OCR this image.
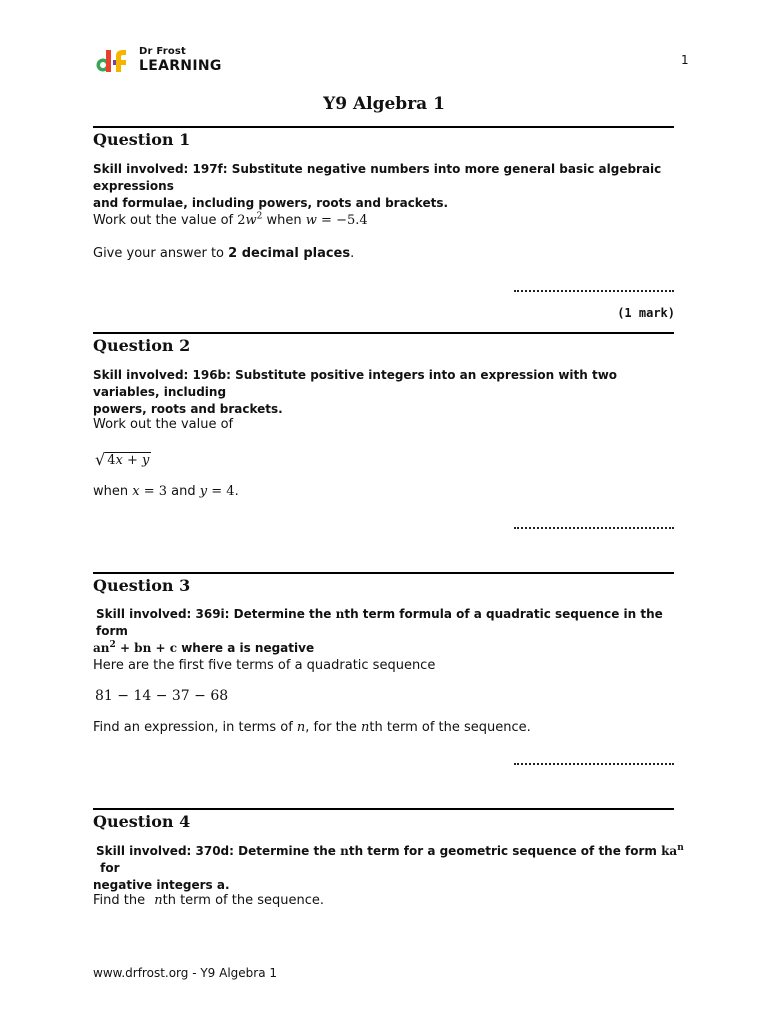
Dr Frost
LEARNING	1
Y9 Algebra 1
Question 1
Skill involved: 197f: Substitute negative numbers into more general basic algebraic expressions
and formulae, including powers, roots and brackets.
Work out the value of $2w^2$ when w = −5.4
Give your answer to 2 decimal places.
(1 mark)
Question 2
Skill involved: 196b: Substitute positive integers into an expression with two variables, including
powers, roots and brackets.
Work out the value of
√ 4x + y
when x = 3 and y = 4.
Question 3
Skill involved: 369i: Determine the nth term formula of a quadratic sequence in the form
$an^2$ + bn + c where a is negative
Here are the first five terms of a quadratic sequence
81 − 14 − 37 − 68
Find an expression, in terms of n, for the nth term of the sequence.
Question 4
Skill involved: 370d: Determine the nth term for a geometric sequence of the form $ka^n$ for
negative integers a.
Find the nth term of the sequence.
www.drfrost.org - Y9 Algebra 1
